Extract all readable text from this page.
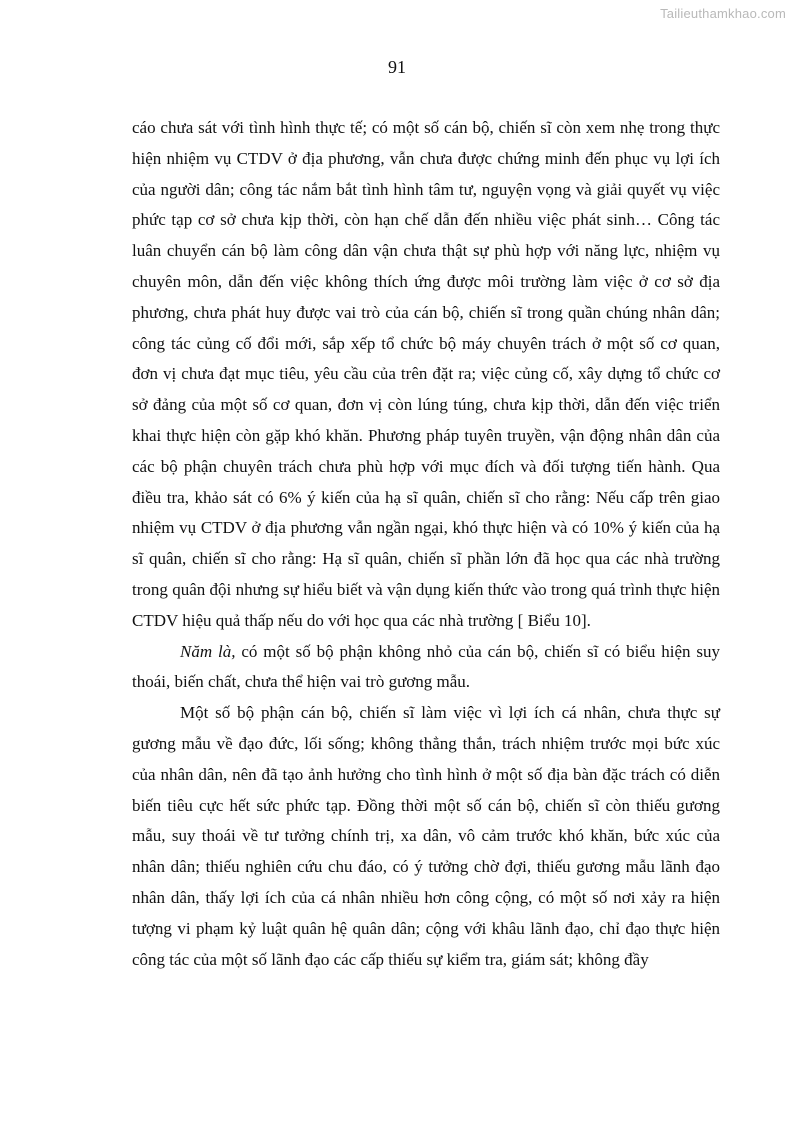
Tailieuthamkhao.com
91

cáo chưa sát với tình hình thực tế; có một số cán bộ, chiến sĩ còn xem nhẹ trong thực hiện nhiệm vụ CTDV ở địa phương, vẫn chưa được chứng minh đến phục vụ lợi ích của người dân; công tác nắm bắt tình hình tâm tư, nguyện vọng và giải quyết vụ việc phức tạp cơ sở chưa kịp thời, còn hạn chế dẫn đến nhiều việc phát sinh… Công tác luân chuyển cán bộ làm công dân vận chưa thật sự phù hợp với năng lực, nhiệm vụ chuyên môn, dẫn đến việc không thích ứng được môi trường làm việc ở cơ sở địa phương, chưa phát huy được vai trò của cán bộ, chiến sĩ trong quần chúng nhân dân; công tác củng cố đổi mới, sắp xếp tổ chức bộ máy chuyên trách ở một số cơ quan, đơn vị chưa đạt mục tiêu, yêu cầu của trên đặt ra; việc củng cố, xây dựng tổ chức cơ sở đảng của một số cơ quan, đơn vị còn lúng túng, chưa kịp thời, dẫn đến việc triển khai thực hiện còn gặp khó khăn. Phương pháp tuyên truyền, vận động nhân dân của các bộ phận chuyên trách chưa phù hợp với mục đích và đối tượng tiến hành. Qua điều tra, khảo sát có 6% ý kiến của hạ sĩ quân, chiến sĩ cho rằng: Nếu cấp trên giao nhiệm vụ CTDV ở địa phương vẫn ngần ngại, khó thực hiện và có 10% ý kiến của hạ sĩ quân, chiến sĩ cho rằng: Hạ sĩ quân, chiến sĩ phần lớn đã học qua các nhà trường trong quân đội nhưng sự hiểu biết và vận dụng kiến thức vào trong quá trình thực hiện CTDV hiệu quả thấp nếu do với học qua các nhà trường [ Biểu 10].

Năm là, có một số bộ phận không nhỏ của cán bộ, chiến sĩ có biểu hiện suy thoái, biến chất, chưa thể hiện vai trò gương mẫu.

Một số bộ phận cán bộ, chiến sĩ làm việc vì lợi ích cá nhân, chưa thực sự gương mẫu về đạo đức, lối sống; không thẳng thắn, trách nhiệm trước mọi bức xúc của nhân dân, nên đã tạo ảnh hưởng cho tình hình ở một số địa bàn đặc trách có diễn biến tiêu cực hết sức phức tạp. Đồng thời một số cán bộ, chiến sĩ còn thiếu gương mẫu, suy thoái về tư tưởng chính trị, xa dân, vô cảm trước khó khăn, bức xúc của nhân dân; thiếu nghiên cứu chu đáo, có ý tưởng chờ đợi, thiếu gương mẫu lãnh đạo nhân dân, thấy lợi ích của cá nhân nhiều hơn công cộng, có một số nơi xảy ra hiện tượng vi phạm kỷ luật quân hệ quân dân; cộng với khâu lãnh đạo, chỉ đạo thực hiện công tác của một số lãnh đạo các cấp thiếu sự kiểm tra, giám sát; không đầy
